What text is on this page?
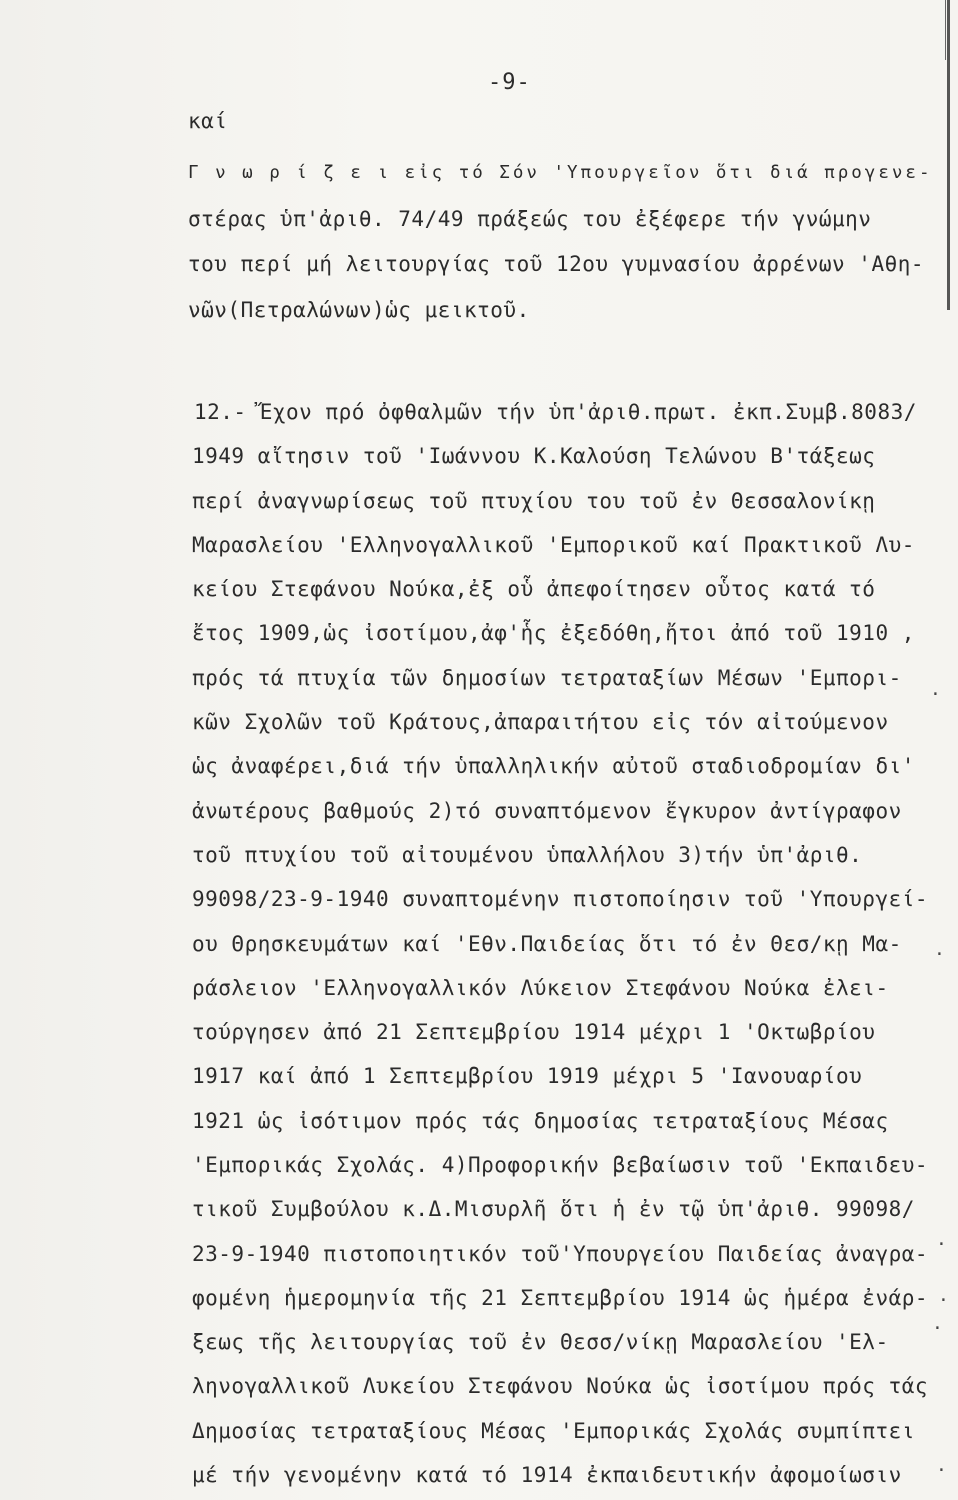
-9-
καί
Γ ν ω ρ ί ζ ε ι εἰς τό Σόν 'Υπουργεῖον ὅτι διά προγενε-
στέρας ὑπ'ἀριθ. 74/49 πράξεώς του ἐξέφερε τήν γνώμην
του περί μή λειτουργίας τοῦ 12ου γυμνασίου ἀρρένων 'Αθη-
νῶν(Πετραλώνων)ὡς μεικτοῦ.
12.- Ἔχον πρό ὀφθαλμῶν τήν ὑπ'ἀριθ.πρωτ. ἐκπ.Συμβ.8083/
1949 αἴτησιν τοῦ 'Ιωάννου Κ.Καλούση Τελώνου Β'τάξεως
περί ἀναγνωρίσεως τοῦ πτυχίου του τοῦ ἐν Θεσσαλονίκῃ
Μαρασλείου 'Ελληνογαλλικοῦ 'Εμπορικοῦ καί Πρακτικοῦ Λυ-
κείου Στεφάνου Νούκα,ἐξ οὗ ἀπεφοίτησεν οὗτος κατά τό
ἔτος 1909,ὡς ἰσοτίμου,ἀφ'ἧς ἐξεδόθη,ἤτοι ἀπό τοῦ 1910 ,
πρός τά πτυχία τῶν δημοσίων τετραταξίων Μέσων 'Εμπορι-
κῶν Σχολῶν τοῦ Κράτους,ἀπαραιτήτου εἰς τόν αἰτούμενον
ὡς ἀναφέρει,διά τήν ὑπαλληλικήν αὐτοῦ σταδιοδρομίαν δι'
ἀνωτέρους βαθμούς 2)τό συναπτόμενον ἔγκυρον ἀντίγραφον
τοῦ πτυχίου τοῦ αἰτουμένου ὑπαλλήλου 3)τήν ὑπ'ἀριθ.
99098/23-9-1940 συναπτομένην πιστοποίησιν τοῦ 'Υπουργεί-
ου Θρησκευμάτων καί 'Εθν.Παιδείας ὅτι τό ἐν Θεσ/κῃ Μα-
ράσλειον 'Ελληνογαλλικόν Λύκειον Στεφάνου Νούκα ἐλει-
τούργησεν ἀπό 21 Σεπτεμβρίου 1914 μέχρι 1 'Οκτωβρίου
1917 καί ἀπό 1 Σεπτεμβρίου 1919 μέχρι 5 'Ιανουαρίου
1921 ὡς ἰσότιμον πρός τάς δημοσίας τετραταξίους Μέσας
'Εμπορικάς Σχολάς. 4)Προφορικήν βεβαίωσιν τοῦ 'Εκπαιδευ-
τικοῦ Συμβούλου κ.Δ.Μισυρλῆ ὅτι ἡ ἐν τῷ ὑπ'ἀριθ. 99098/
23-9-1940 πιστοποιητικόν τοῦ'Υπουργείου Παιδείας ἀναγρα-
φομένη ἡμερομηνία τῆς 21 Σεπτεμβρίου 1914 ὡς ἡμέρα ἐνάρ-
ξεως τῆς λειτουργίας τοῦ ἐν Θεσσ/νίκῃ Μαρασλείου 'Ελ-
ληνογαλλικοῦ Λυκείου Στεφάνου Νούκα ὡς ἰσοτίμου πρός τάς
Δημοσίας τετραταξίους Μέσας 'Εμπορικάς Σχολάς συμπίπτει
μέ τήν γενομένην κατά τό 1914 ἐκπαιδευτικήν ἀφομοίωσιν
·
·
·
·
·
·
